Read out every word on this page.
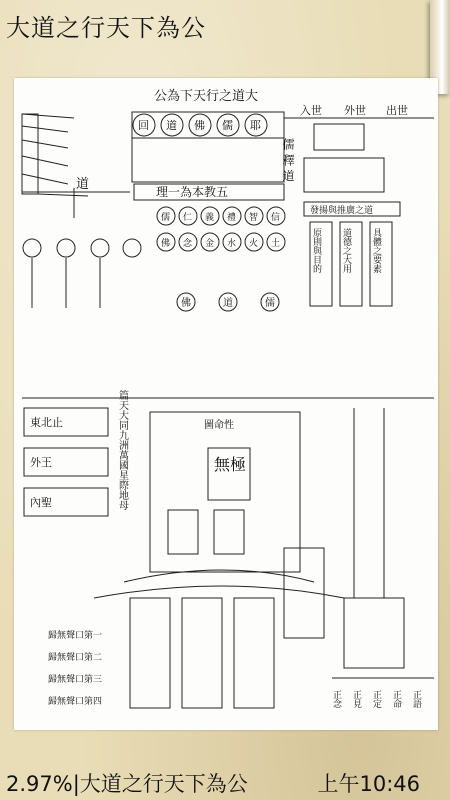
大道之行天下為公
公為下天行之道大
回 道 佛 儒 耶
入世 外世 出世
儒 釋 道
理一為本教五
道
儒 仁 義 禮 智 信
佛 念 金 水 火 土
發揚與推廣之道
原則與目的 道德之大用 具體之要素
佛	道	儒
圖命性
無極
篇天大同九洲萬國星際地母
東北止
外王
內聖
歸無聲口第一
歸無聲口第二
歸無聲口第三
歸無聲口第四	正念 正見 正定 正命 正語
2.97%|大道之行天下為公	上午10:46
